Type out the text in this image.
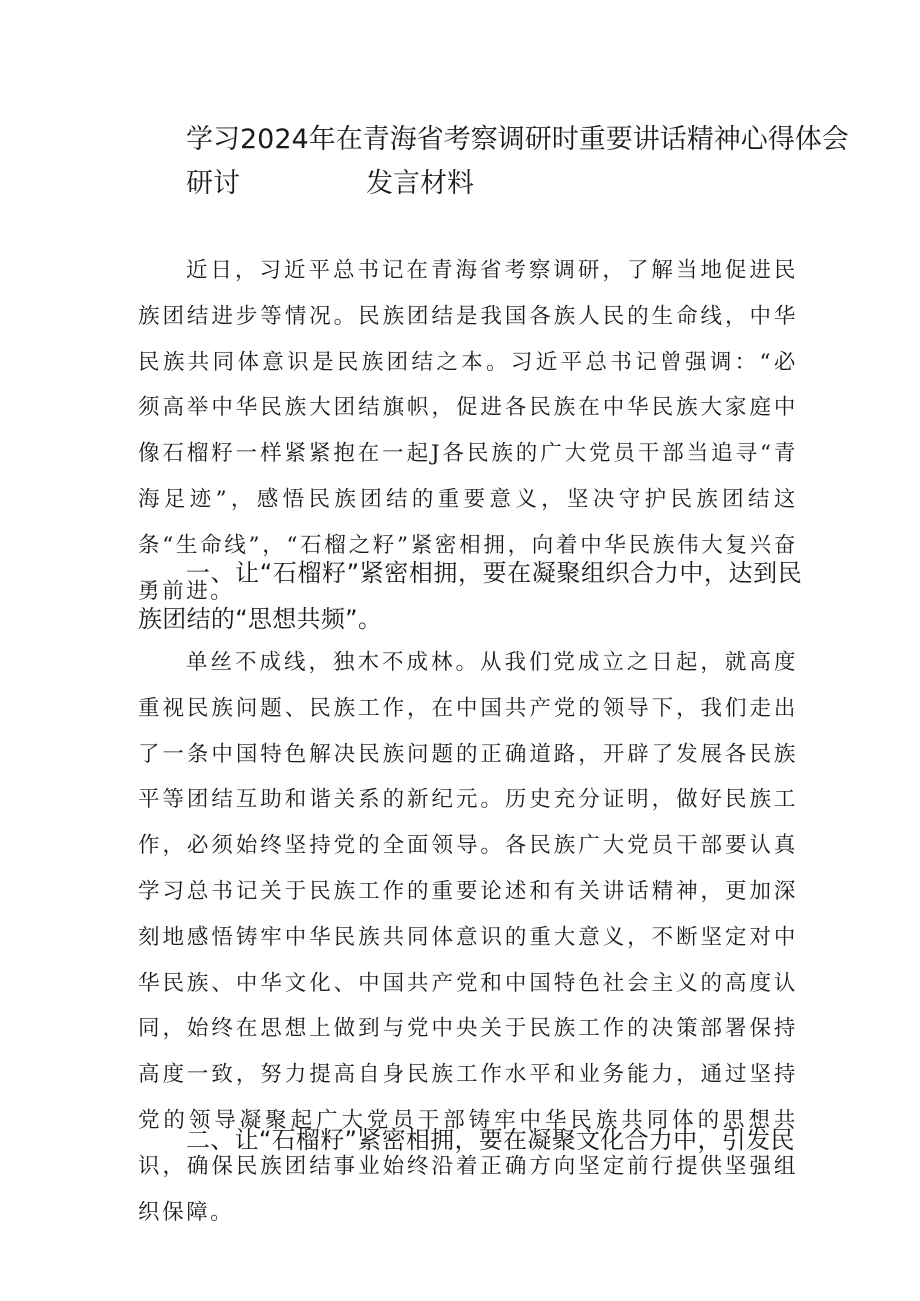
学习2024年在青海省考察调研时重要讲话精神心得体会研讨	发言材料

近日，习近平总书记在青海省考察调研，了解当地促进民族团结进步等情况。民族团结是我国各族人民的生命线，中华民族共同体意识是民族团结之本。习近平总书记曾强调：“必须高举中华民族大团结旗帜，促进各民族在中华民族大家庭中像石榴籽一样紧紧抱在一起J各民族的广大党员干部当追寻“青海足迹”，感悟民族团结的重要意义，坚决守护民族团结这条“生命线”，“石榴之籽”紧密相拥，向着中华民族伟大复兴奋勇前进。

一、让“石榴籽”紧密相拥，要在凝聚组织合力中，达到民族团结的“思想共频”。

单丝不成线，独木不成林。从我们党成立之日起，就高度重视民族问题、民族工作，在中国共产党的领导下，我们走出了一条中国特色解决民族问题的正确道路，开辟了发展各民族平等团结互助和谐关系的新纪元。历史充分证明，做好民族工作，必须始终坚持党的全面领导。各民族广大党员干部要认真学习总书记关于民族工作的重要论述和有关讲话精神，更加深刻地感悟铸牢中华民族共同体意识的重大意义，不断坚定对中华民族、中华文化、中国共产党和中国特色社会主义的高度认同，始终在思想上做到与党中央关于民族工作的决策部署保持高度一致，努力提高自身民族工作水平和业务能力，通过坚持党的领导凝聚起广大党员干部铸牢中华民族共同体的思想共识，确保民族团结事业始终沿着正确方向坚定前行提供坚强组织保障。

二、让“石榴籽”紧密相拥，要在凝聚文化合力中，引发民
